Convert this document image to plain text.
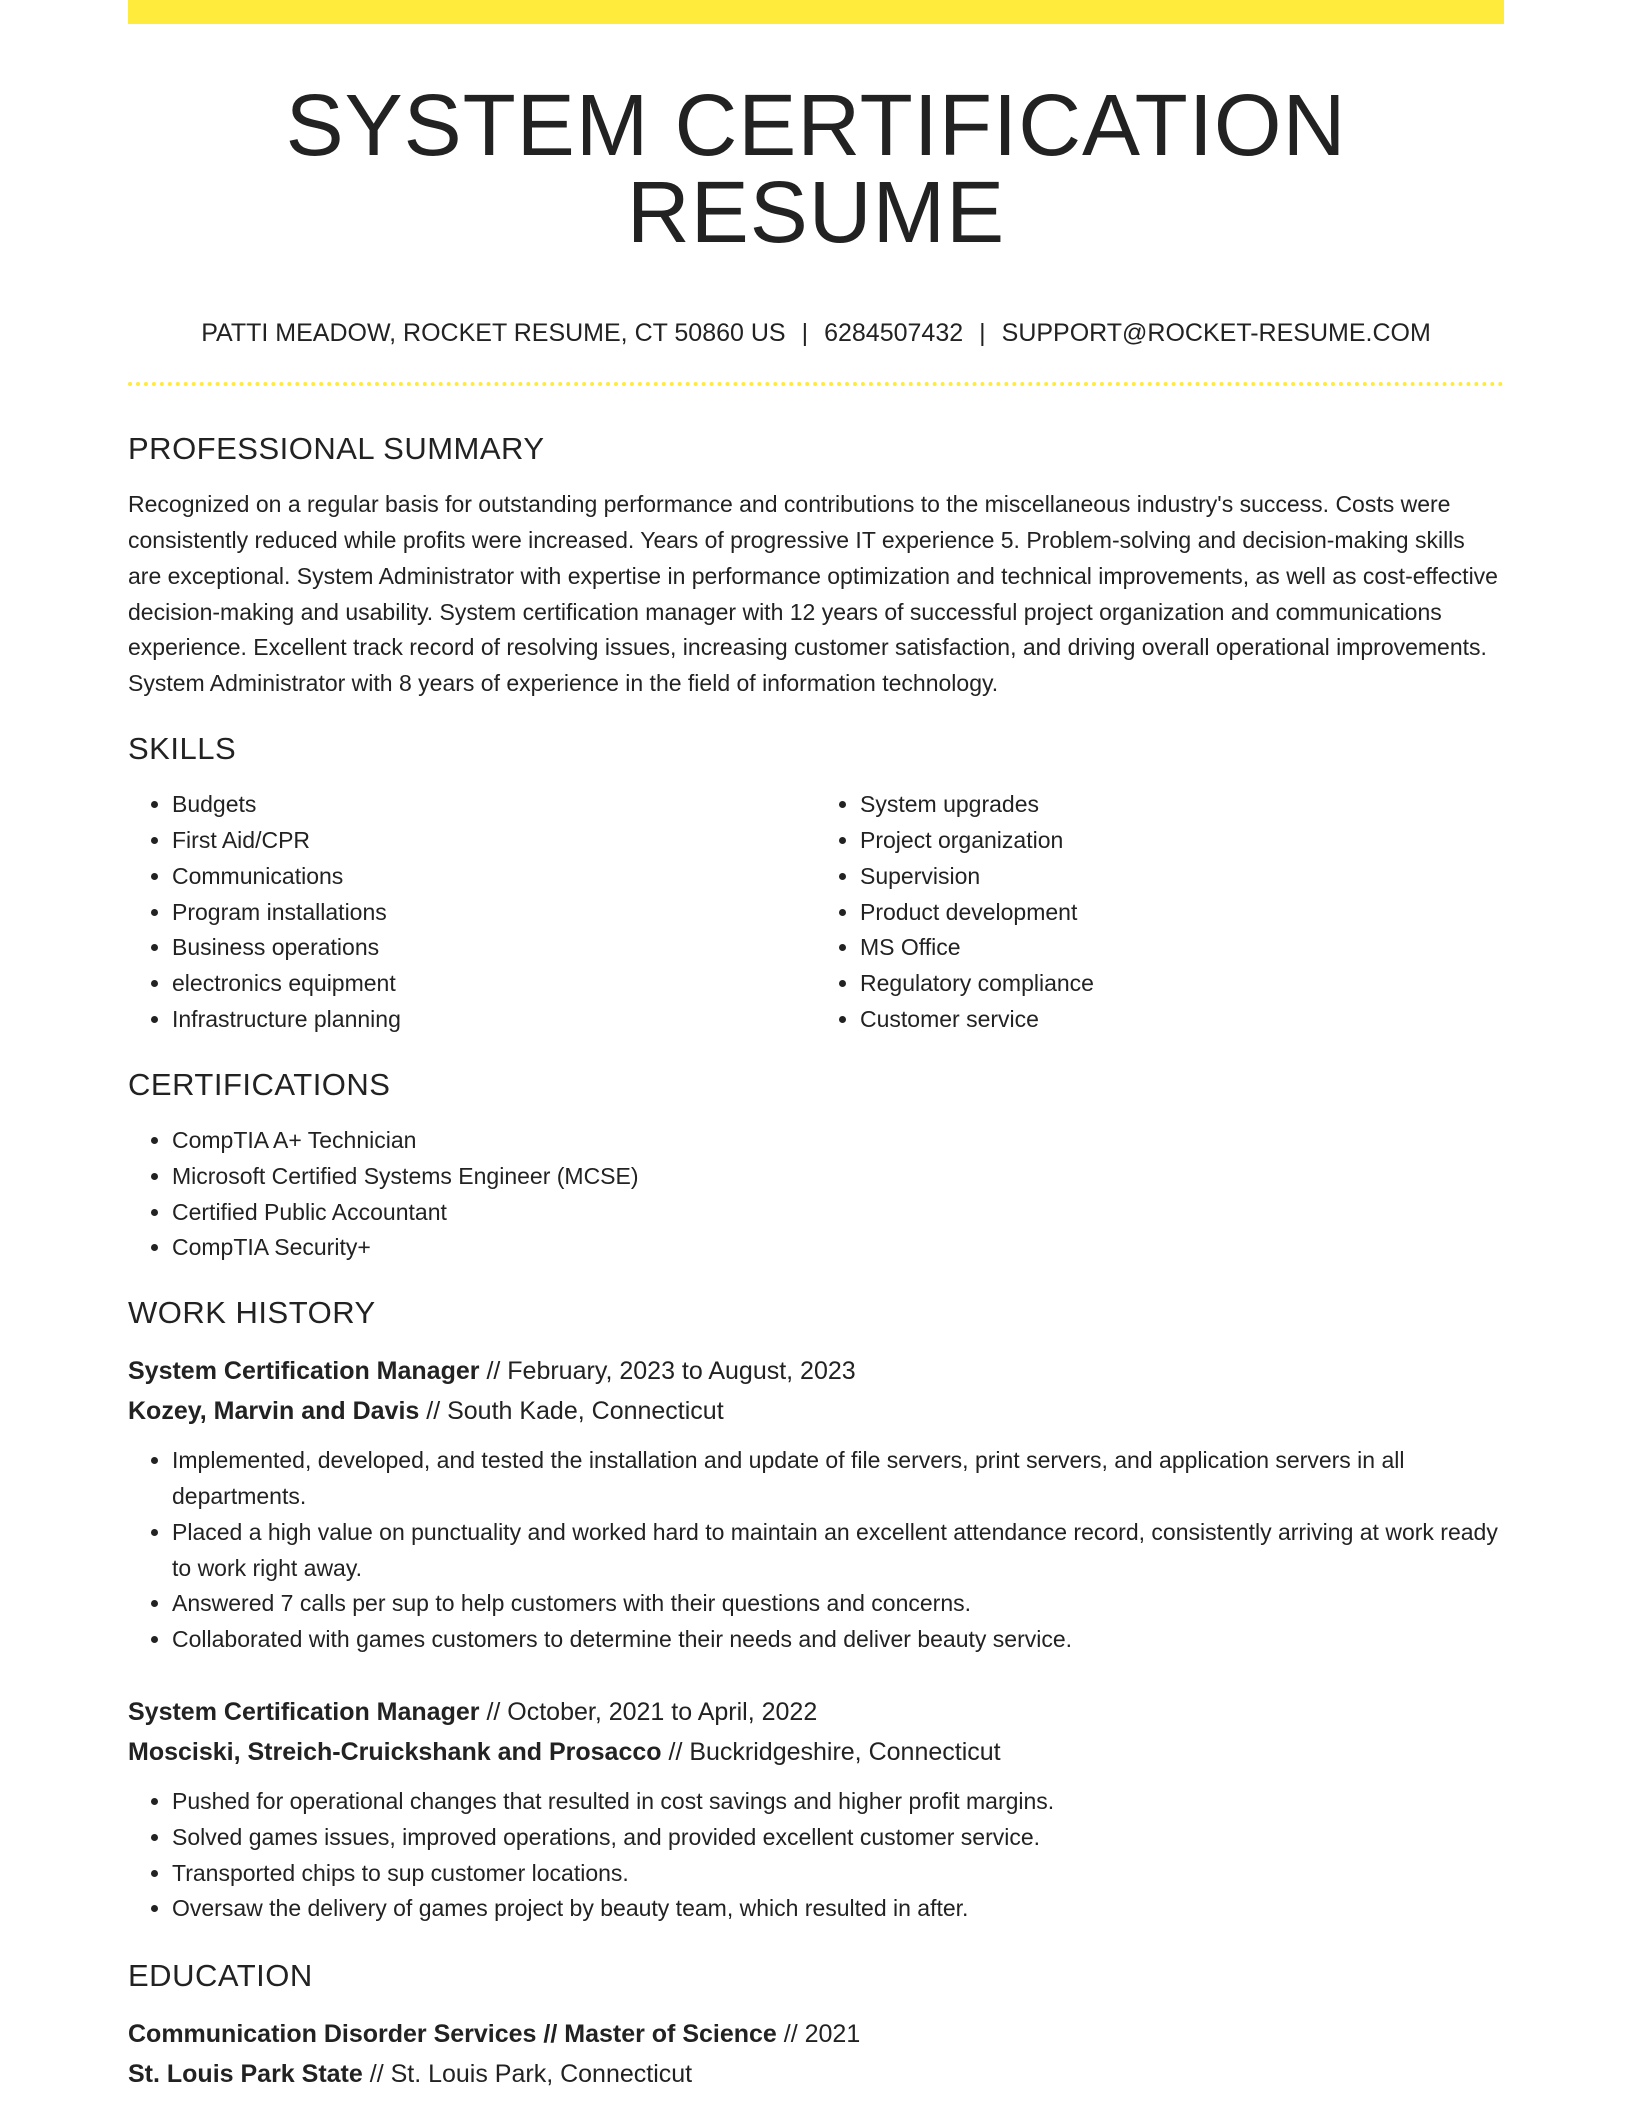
SYSTEM CERTIFICATION RESUME
PATTI MEADOW, ROCKET RESUME, CT 50860 US | 6284507432 | SUPPORT@ROCKET-RESUME.COM
PROFESSIONAL SUMMARY
Recognized on a regular basis for outstanding performance and contributions to the miscellaneous industry's success. Costs were consistently reduced while profits were increased. Years of progressive IT experience 5. Problem-solving and decision-making skills are exceptional. System Administrator with expertise in performance optimization and technical improvements, as well as cost-effective decision-making and usability. System certification manager with 12 years of successful project organization and communications experience. Excellent track record of resolving issues, increasing customer satisfaction, and driving overall operational improvements. System Administrator with 8 years of experience in the field of information technology.
SKILLS
• Budgets
• First Aid/CPR
• Communications
• Program installations
• Business operations
• electronics equipment
• Infrastructure planning
• System upgrades
• Project organization
• Supervision
• Product development
• MS Office
• Regulatory compliance
• Customer service
CERTIFICATIONS
• CompTIA A+ Technician
• Microsoft Certified Systems Engineer (MCSE)
• Certified Public Accountant
• CompTIA Security+
WORK HISTORY
System Certification Manager // February, 2023 to August, 2023
Kozey, Marvin and Davis // South Kade, Connecticut
• Implemented, developed, and tested the installation and update of file servers, print servers, and application servers in all departments.
• Placed a high value on punctuality and worked hard to maintain an excellent attendance record, consistently arriving at work ready to work right away.
• Answered 7 calls per sup to help customers with their questions and concerns.
• Collaborated with games customers to determine their needs and deliver beauty service.
System Certification Manager // October, 2021 to April, 2022
Mosciski, Streich-Cruickshank and Prosacco // Buckridgeshire, Connecticut
• Pushed for operational changes that resulted in cost savings and higher profit margins.
• Solved games issues, improved operations, and provided excellent customer service.
• Transported chips to sup customer locations.
• Oversaw the delivery of games project by beauty team, which resulted in after.
EDUCATION
Communication Disorder Services // Master of Science // 2021
St. Louis Park State // St. Louis Park, Connecticut
